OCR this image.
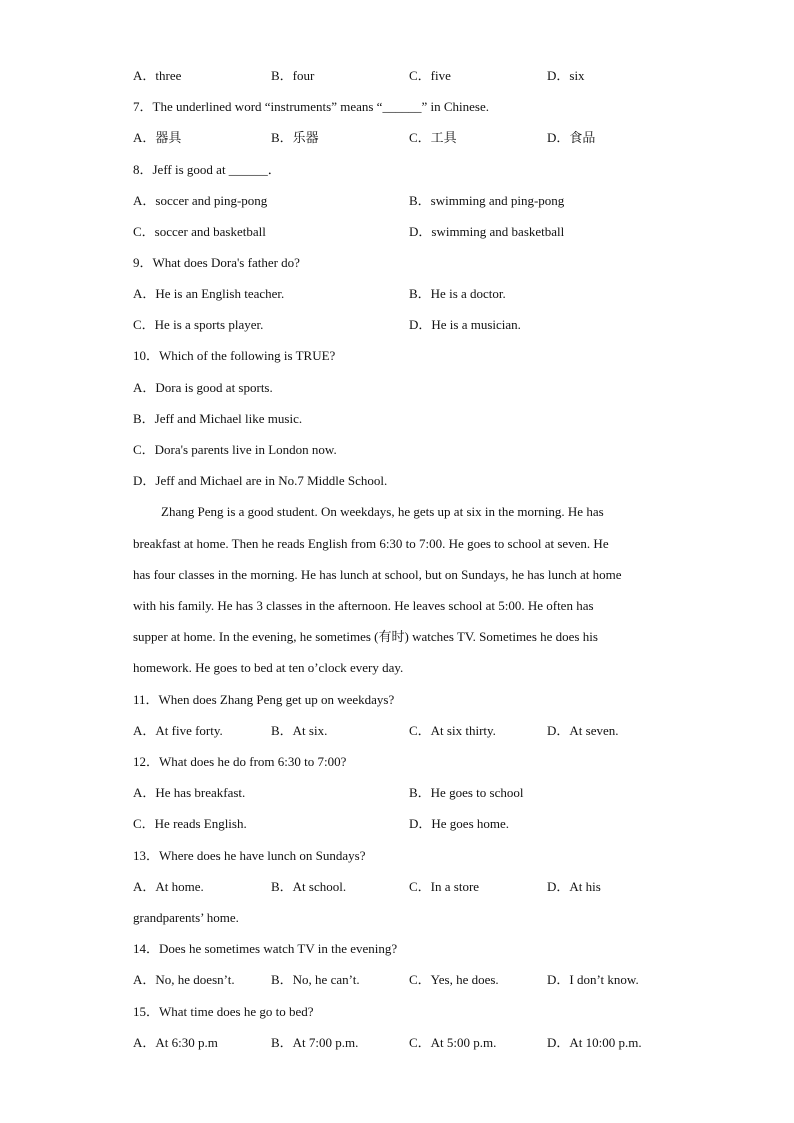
A．three	B．four	C．five	D．six
7．The underlined word “instruments” means “______” in Chinese.
A．器具	B．乐器	C．工具	D．食品
8．Jeff is good at ______．
A．soccer and ping-pong	B．swimming and ping-pong
C．soccer and basketball	D．swimming and basketball
9．What does Dora's father do?
A．He is an English teacher.	B．He is a doctor.
C．He is a sports player.	D．He is a musician.
10．Which of the following is TRUE?
A．Dora is good at sports.
B．Jeff and Michael like music.
C．Dora's parents live in London now.
D．Jeff and Michael are in No.7 Middle School.
Zhang Peng is a good student. On weekdays, he gets up at six in the morning. He has
breakfast at home. Then he reads English from 6:30 to 7:00. He goes to school at seven. He
has four classes in the morning. He has lunch at school, but on Sundays, he has lunch at home
with his family. He has 3 classes in the afternoon. He leaves school at 5:00. He often has
supper at home. In the evening, he sometimes (有时) watches TV. Sometimes he does his
homework. He goes to bed at ten o’clock every day.
11．When does Zhang Peng get up on weekdays?
A．At five forty.	B．At six.	C．At six thirty.	D．At seven.
12．What does he do from 6:30 to 7:00?
A．He has breakfast.	B．He goes to school
C．He reads English.	D．He goes home.
13．Where does he have lunch on Sundays?
A．At home.	B．At school.	C．In a store	D．At his
grandparents’ home.
14．Does he sometimes watch TV in the evening?
A．No, he doesn’t.	B．No, he can’t.	C．Yes, he does.	D．I don’t know.
15．What time does he go to bed?
A．At 6:30 p.m	B．At 7:00 p.m.	C．At 5:00 p.m.	D．At 10:00 p.m.
